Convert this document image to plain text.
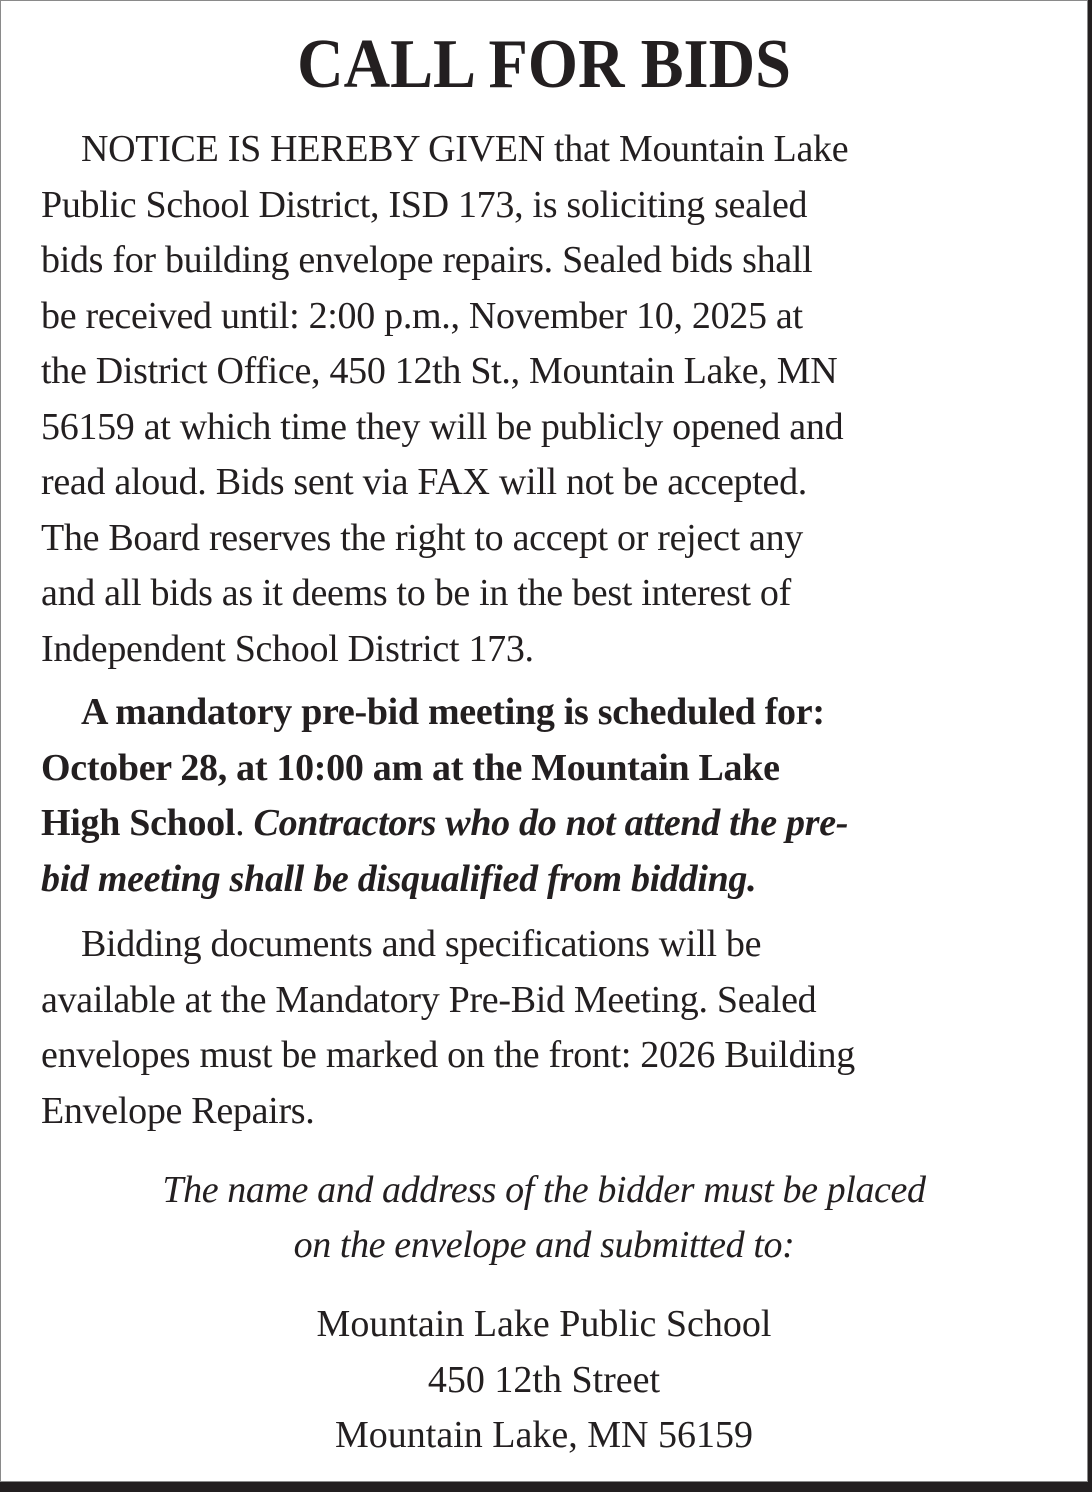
CALL FOR BIDS
NOTICE IS HEREBY GIVEN that Mountain Lake
Public School District, ISD 173, is soliciting sealed
bids for building envelope repairs. Sealed bids shall
be received until: 2:00 p.m., November 10, 2025 at
the District Office, 450 12th St., Mountain Lake, MN
56159 at which time they will be publicly opened and
read aloud. Bids sent via FAX will not be accepted.
The Board reserves the right to accept or reject any
and all bids as it deems to be in the best interest of
Independent School District 173.
A mandatory pre-bid meeting is scheduled for:
October 28, at 10:00 am at the Mountain Lake
High School. Contractors who do not attend the pre-
bid meeting shall be disqualified from bidding.
Bidding documents and specifications will be
available at the Mandatory Pre-Bid Meeting. Sealed
envelopes must be marked on the front: 2026 Building
Envelope Repairs.
The name and address of the bidder must be placed
on the envelope and submitted to:
Mountain Lake Public School
450 12th Street
Mountain Lake, MN 56159
